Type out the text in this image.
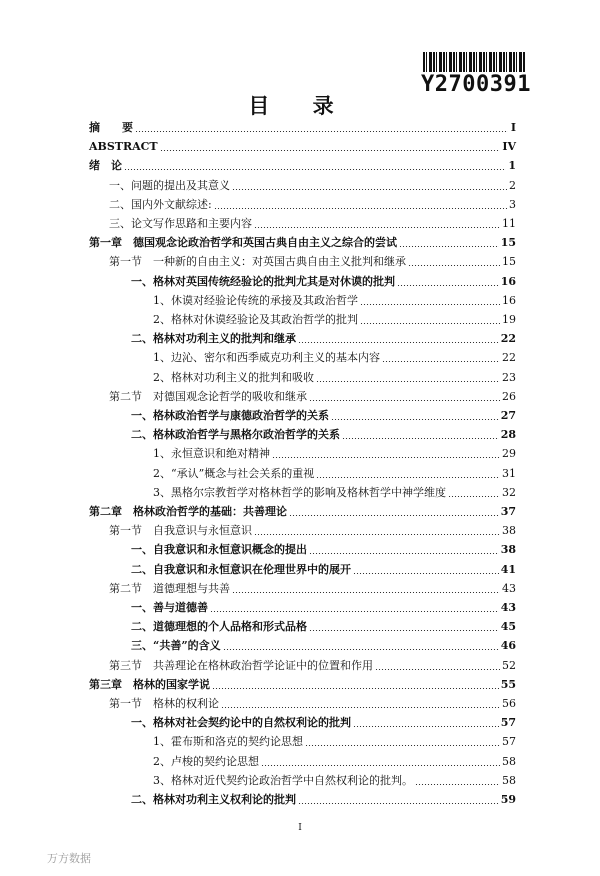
Y2700391
目 录
摘　　要	I
ABSTRACT	IV
绪　论	1
一、问题的提出及其意义	2
二、国内外文献综述:	3
三、论文写作思路和主要内容	11
第一章　德国观念论政治哲学和英国古典自由主义之综合的尝试	15
第一节　一种新的自由主义：对英国古典自由主义批判和继承	15
一、格林对英国传统经验论的批判尤其是对休谟的批判	16
1、休谟对经验论传统的承接及其政治哲学	16
2、格林对休谟经验论及其政治哲学的批判	19
二、格林对功利主义的批判和继承	22
1、边沁、密尔和西季威克功利主义的基本内容	22
2、格林对功利主义的批判和吸收	23
第二节　对德国观念论哲学的吸收和继承	26
一、格林政治哲学与康德政治哲学的关系	27
二、格林政治哲学与黑格尔政治哲学的关系	28
1、永恒意识和绝对精神	29
2、“承认”概念与社会关系的重视	31
3、黑格尔宗教哲学对格林哲学的影响及格林哲学中神学维度	32
第二章　格林政治哲学的基础：共善理论	37
第一节　自我意识与永恒意识	38
一、自我意识和永恒意识概念的提出	38
二、自我意识和永恒意识在伦理世界中的展开	41
第二节　道德理想与共善	43
一、善与道德善	43
二、道德理想的个人品格和形式品格	45
三、“共善”的含义	46
第三节　共善理论在格林政治哲学论证中的位置和作用	52
第三章　格林的国家学说	55
第一节　格林的权利论	56
一、格林对社会契约论中的自然权利论的批判	57
1、霍布斯和洛克的契约论思想	57
2、卢梭的契约论思想	58
3、格林对近代契约论政治哲学中自然权利论的批判。	58
二、格林对功利主义权利论的批判	59
I
万方数据
